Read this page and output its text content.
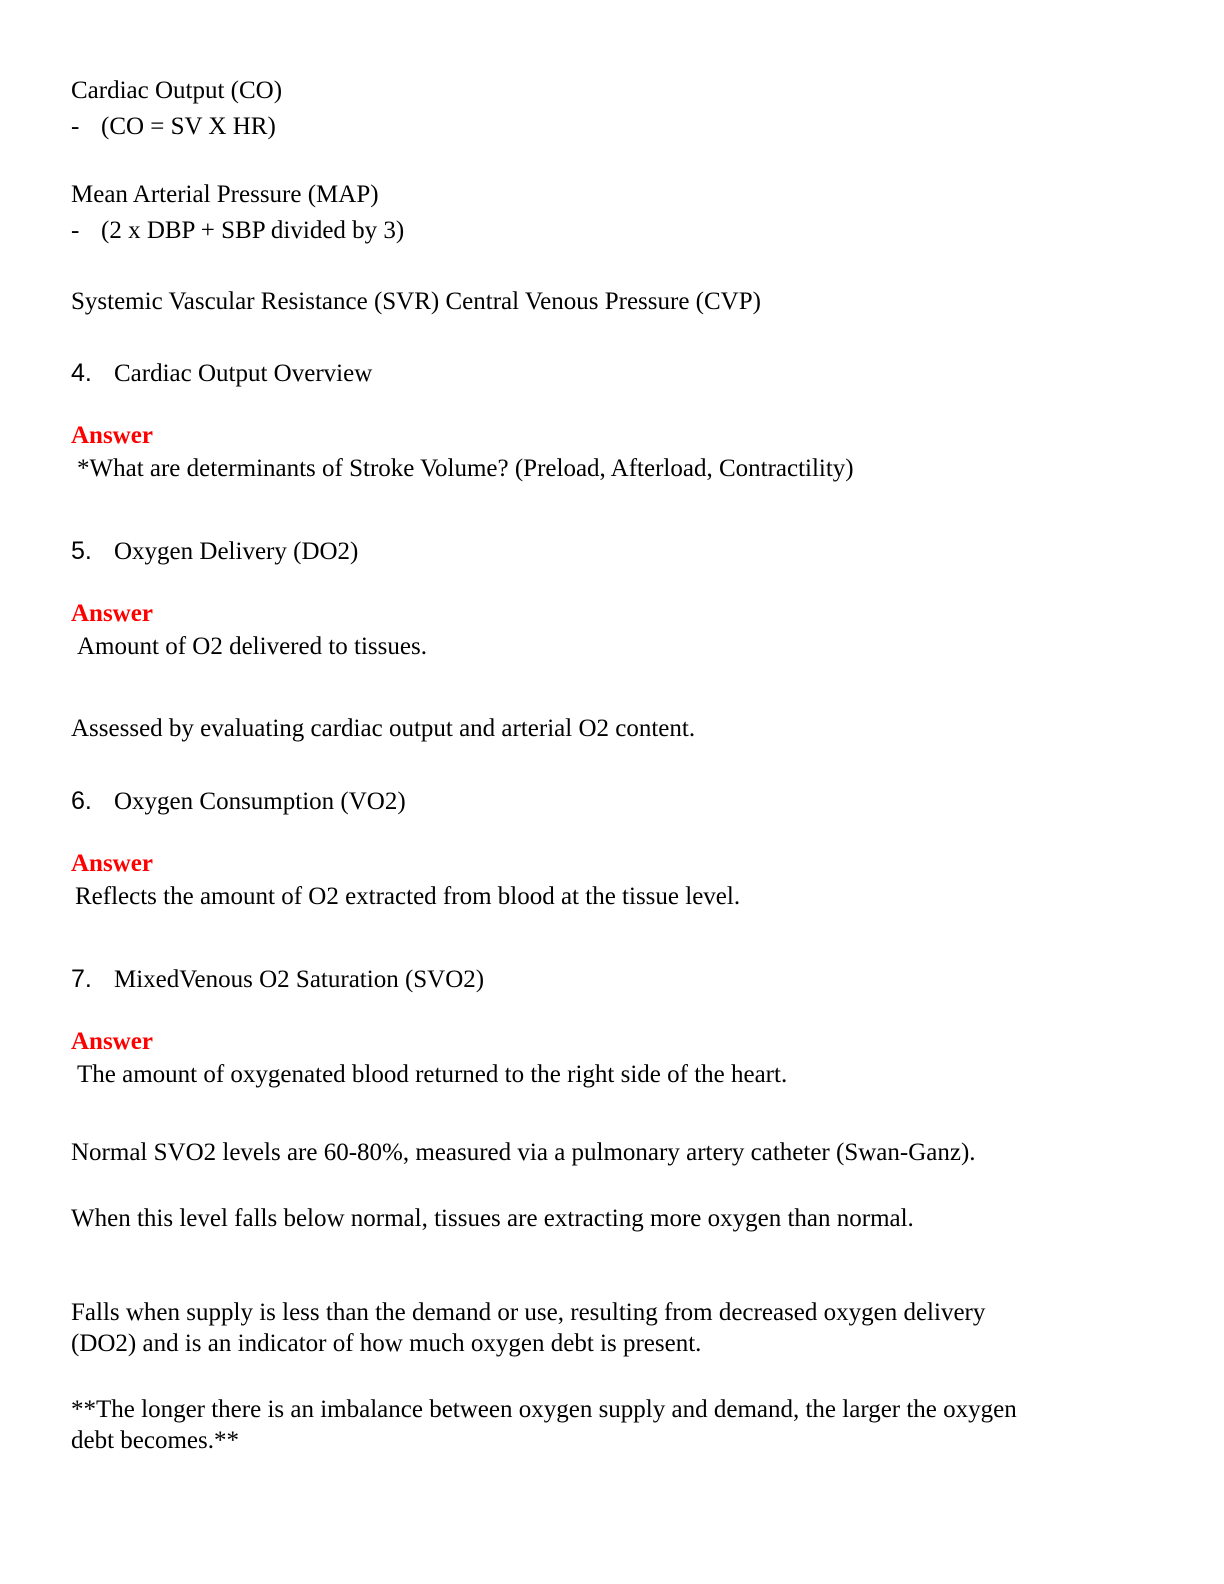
Cardiac Output (CO)
- (CO = SV X HR)
Mean Arterial Pressure (MAP)
- (2 x DBP + SBP divided by 3)
Systemic Vascular Resistance (SVR) Central Venous Pressure (CVP)
4. Cardiac Output Overview
Answer
*What are determinants of Stroke Volume? (Preload, Afterload, Contractility)
5. Oxygen Delivery (DO2)
Answer
Amount of O2 delivered to tissues.
Assessed by evaluating cardiac output and arterial O2 content.
6. Oxygen Consumption (VO2)
Answer
Reflects the amount of O2 extracted from blood at the tissue level.
7. MixedVenous O2 Saturation (SVO2)
Answer
The amount of oxygenated blood returned to the right side of the heart.
Normal SVO2 levels are 60-80%, measured via a pulmonary artery catheter (Swan-Ganz).
When this level falls below normal, tissues are extracting more oxygen than normal.
Falls when supply is less than the demand or use, resulting from decreased oxygen delivery
(DO2) and is an indicator of how much oxygen debt is present.
**The longer there is an imbalance between oxygen supply and demand, the larger the oxygen
debt becomes.**
